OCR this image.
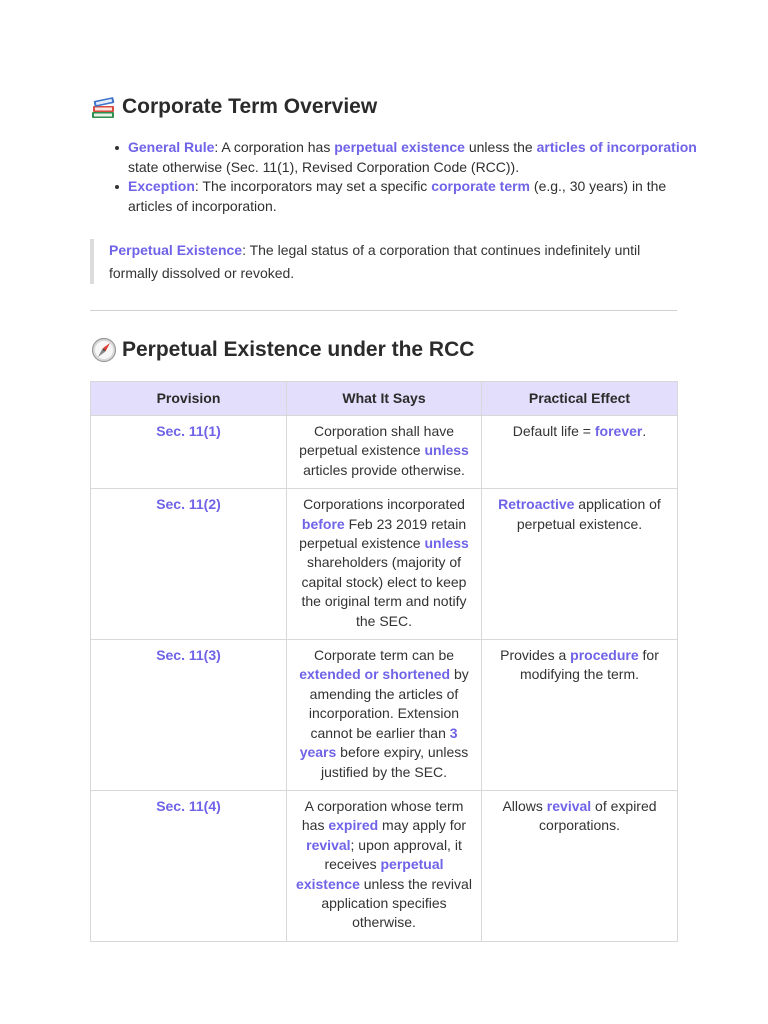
Corporate Term Overview
General Rule: A corporation has perpetual existence unless the articles of incorporation state otherwise (Sec. 11(1), Revised Corporation Code (RCC)).
Exception: The incorporators may set a specific corporate term (e.g., 30 years) in the articles of incorporation.
Perpetual Existence: The legal status of a corporation that continues indefinitely until formally dissolved or revoked.
Perpetual Existence under the RCC
Provision	What It Says	Practical Effect
Sec. 11(1)	Corporation shall have perpetual existence unless articles provide otherwise.	Default life = forever.
Sec. 11(2)	Corporations incorporated before Feb 23 2019 retain perpetual existence unless shareholders (majority of capital stock) elect to keep the original term and notify the SEC.	Retroactive application of perpetual existence.
Sec. 11(3)	Corporate term can be extended or shortened by amending the articles of incorporation. Extension cannot be earlier than 3 years before expiry, unless justified by the SEC.	Provides a procedure for modifying the term.
Sec. 11(4)	A corporation whose term has expired may apply for revival; upon approval, it receives perpetual existence unless the revival application specifies otherwise.	Allows revival of expired corporations.
